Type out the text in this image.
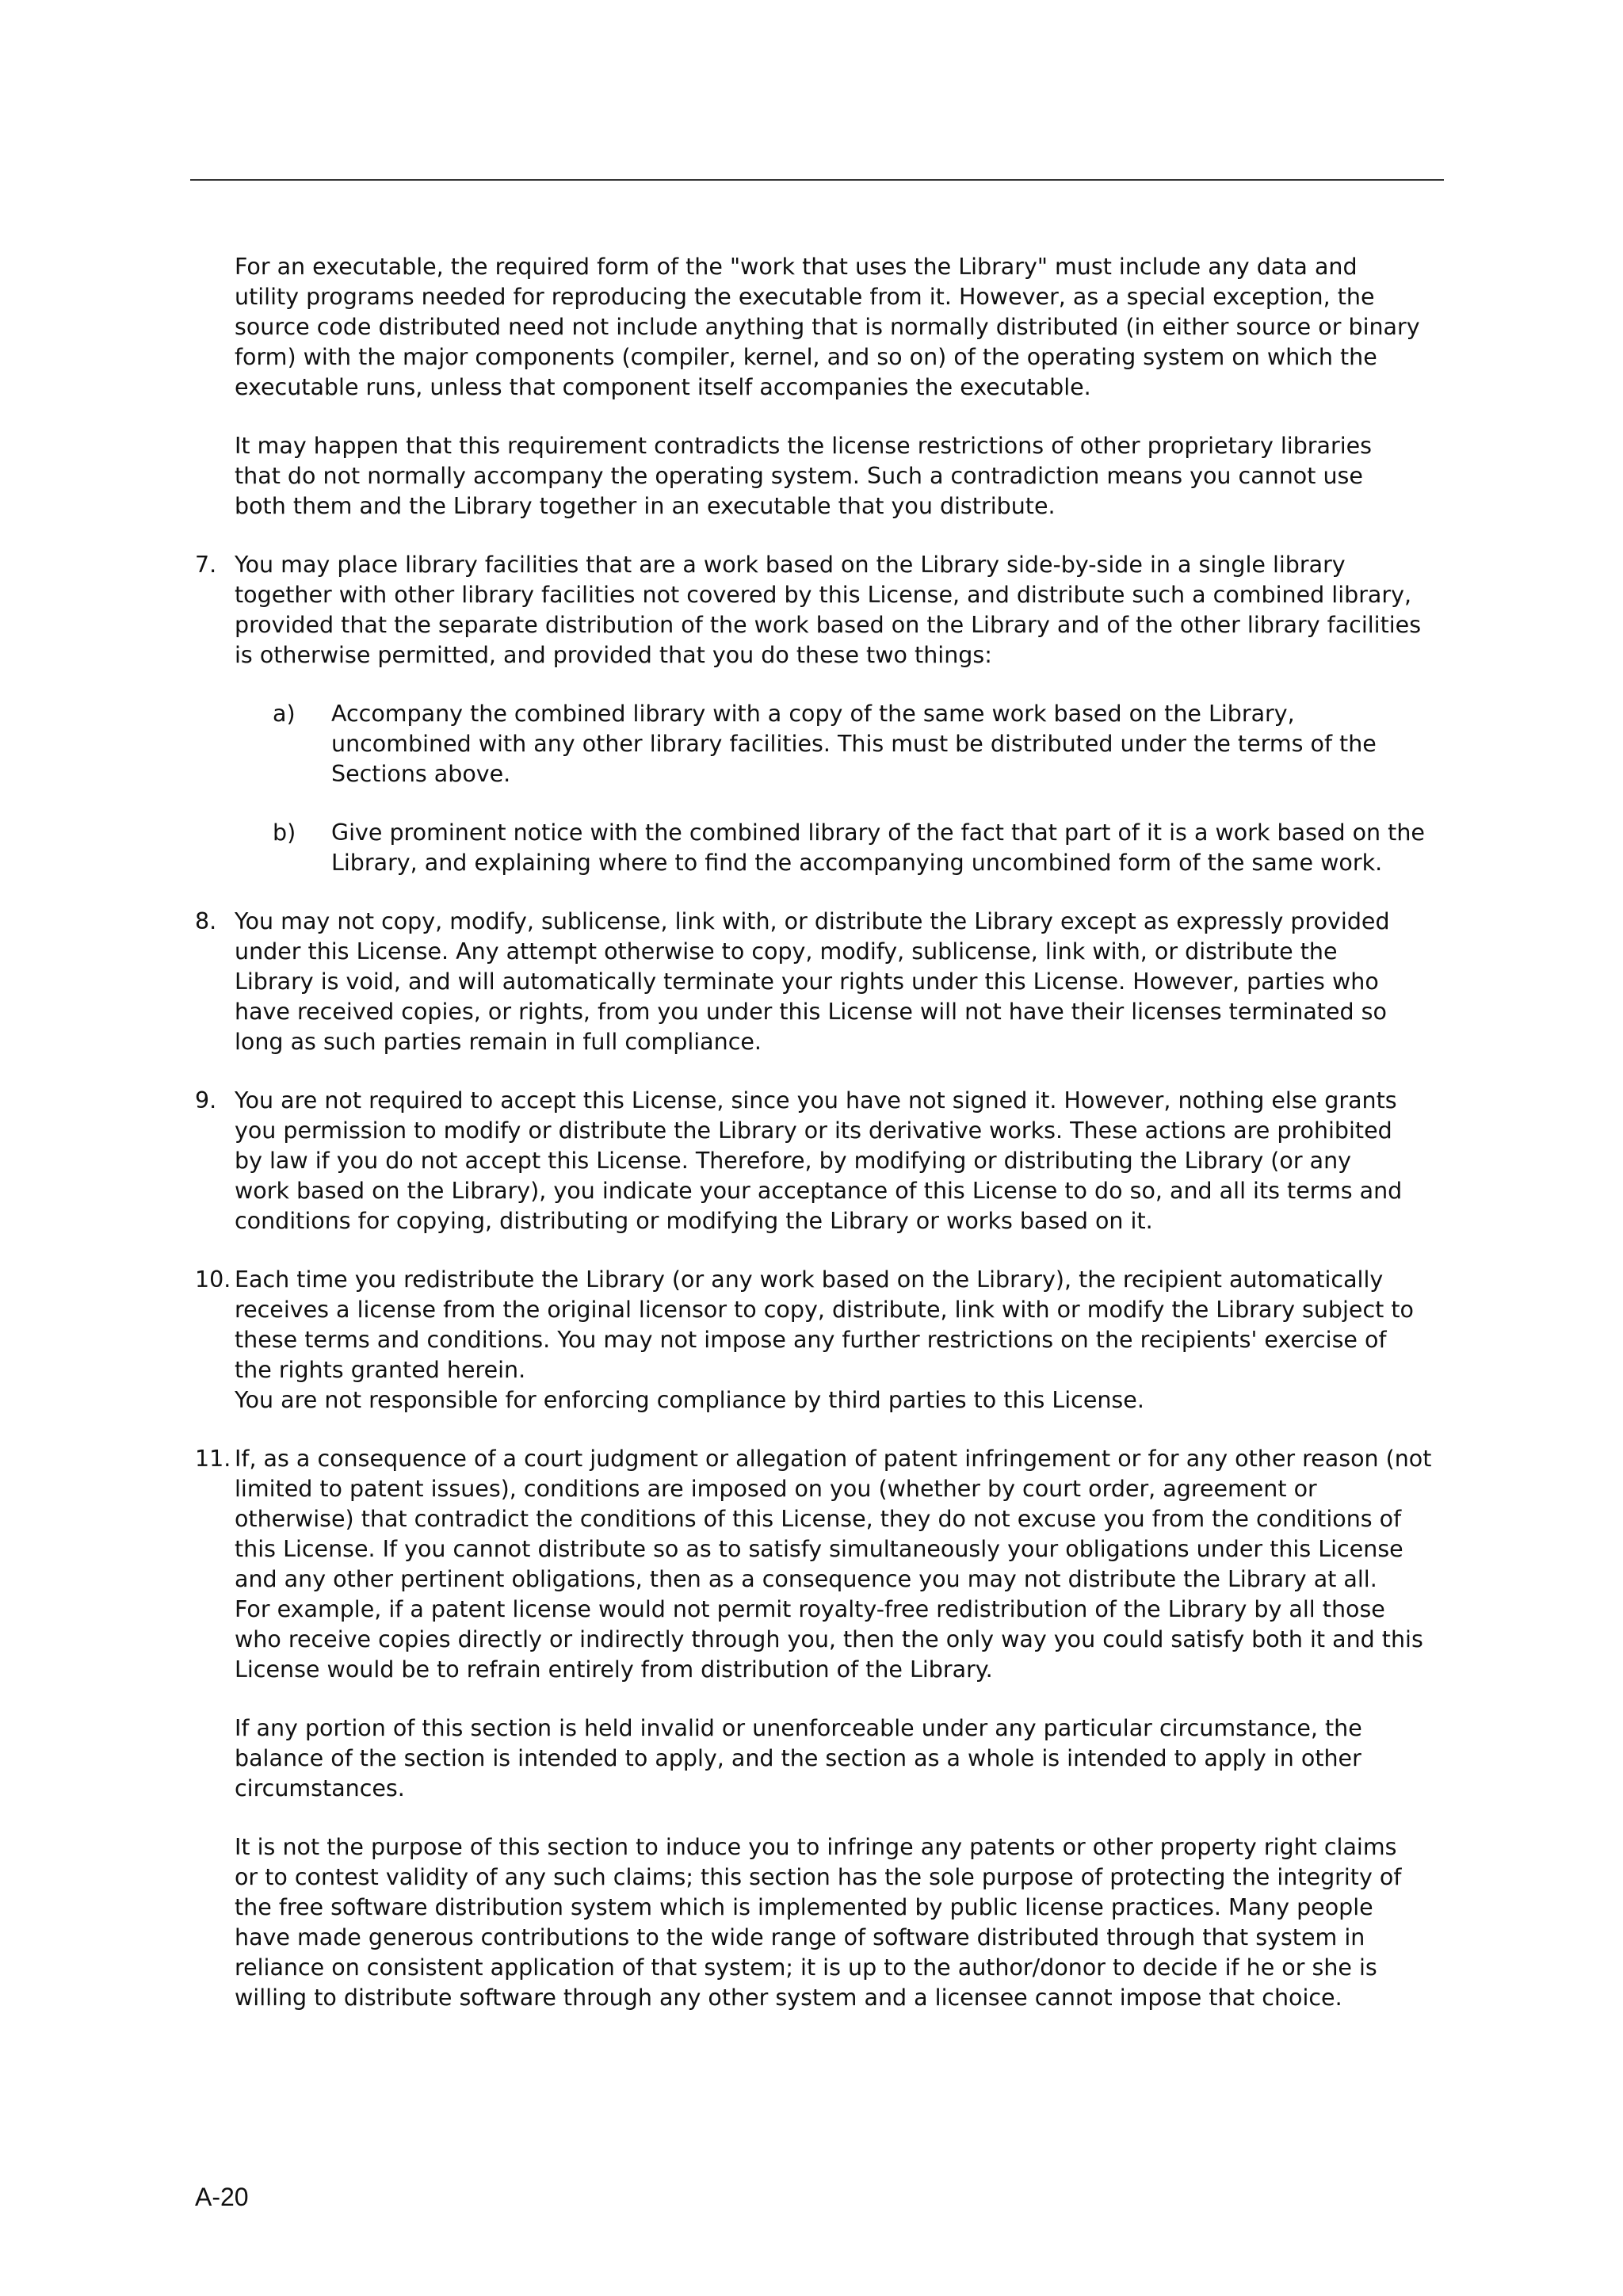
For an executable, the required form of the "work that uses the Library" must include any data and
utility programs needed for reproducing the executable from it. However, as a special exception, the
source code distributed need not include anything that is normally distributed (in either source or binary
form) with the major components (compiler, kernel, and so on) of the operating system on which the
executable runs, unless that component itself accompanies the executable.

It may happen that this requirement contradicts the license restrictions of other proprietary libraries
that do not normally accompany the operating system. Such a contradiction means you cannot use
both them and the Library together in an executable that you distribute.

7. You may place library facilities that are a work based on the Library side-by-side in a single library
together with other library facilities not covered by this License, and distribute such a combined library,
provided that the separate distribution of the work based on the Library and of the other library facilities
is otherwise permitted, and provided that you do these two things:

a)	Accompany the combined library with a copy of the same work based on the Library,
uncombined with any other library facilities. This must be distributed under the terms of the
Sections above.
b)	Give prominent notice with the combined library of the fact that part of it is a work based on the
Library, and explaining where to find the accompanying uncombined form of the same work.
8. You may not copy, modify, sublicense, link with, or distribute the Library except as expressly provided
under this License. Any attempt otherwise to copy, modify, sublicense, link with, or distribute the
Library is void, and will automatically terminate your rights under this License. However, parties who
have received copies, or rights, from you under this License will not have their licenses terminated so
long as such parties remain in full compliance.

9. You are not required to accept this License, since you have not signed it. However, nothing else grants
you permission to modify or distribute the Library or its derivative works. These actions are prohibited
by law if you do not accept this License. Therefore, by modifying or distributing the Library (or any
work based on the Library), you indicate your acceptance of this License to do so, and all its terms and
conditions for copying, distributing or modifying the Library or works based on it.

10. Each time you redistribute the Library (or any work based on the Library), the recipient automatically
receives a license from the original licensor to copy, distribute, link with or modify the Library subject to
these terms and conditions. You may not impose any further restrictions on the recipients' exercise of
the rights granted herein.
You are not responsible for enforcing compliance by third parties to this License.

11. If, as a consequence of a court judgment or allegation of patent infringement or for any other reason (not
limited to patent issues), conditions are imposed on you (whether by court order, agreement or
otherwise) that contradict the conditions of this License, they do not excuse you from the conditions of
this License. If you cannot distribute so as to satisfy simultaneously your obligations under this License
and any other pertinent obligations, then as a consequence you may not distribute the Library at all.
For example, if a patent license would not permit royalty-free redistribution of the Library by all those
who receive copies directly or indirectly through you, then the only way you could satisfy both it and this
License would be to refrain entirely from distribution of the Library.

If any portion of this section is held invalid or unenforceable under any particular circumstance, the
balance of the section is intended to apply, and the section as a whole is intended to apply in other
circumstances.

It is not the purpose of this section to induce you to infringe any patents or other property right claims
or to contest validity of any such claims; this section has the sole purpose of protecting the integrity of
the free software distribution system which is implemented by public license practices. Many people
have made generous contributions to the wide range of software distributed through that system in
reliance on consistent application of that system; it is up to the author/donor to decide if he or she is
willing to distribute software through any other system and a licensee cannot impose that choice.

A-20
